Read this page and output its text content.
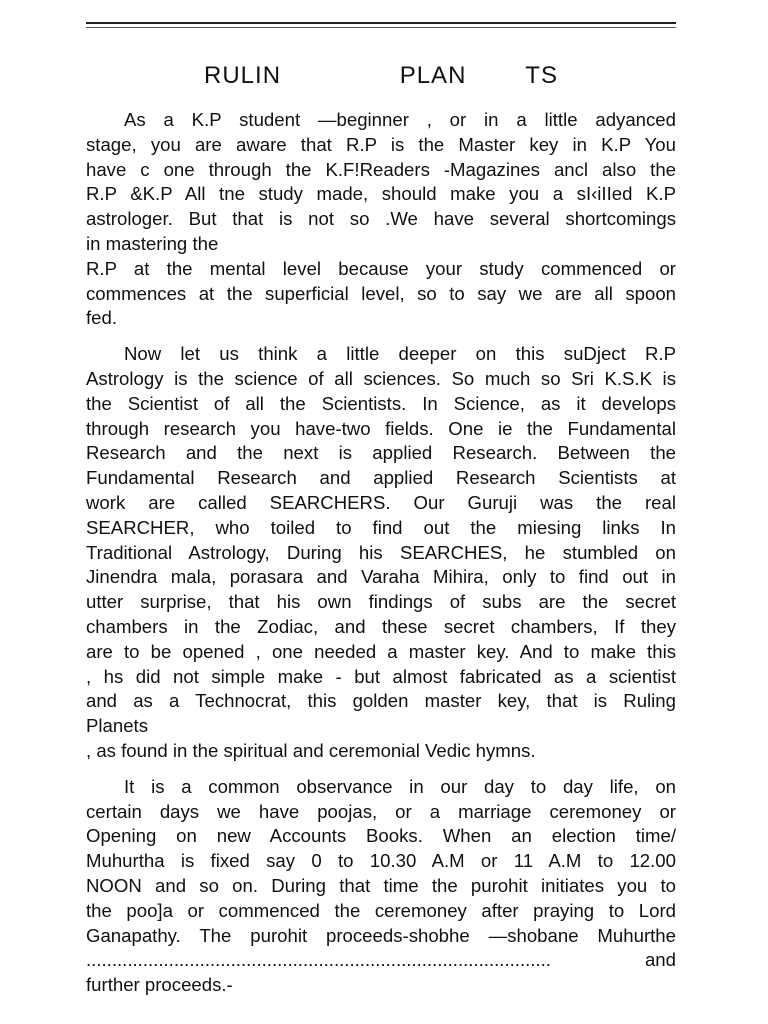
RULIN    PLAN  TS
As a K.P student —beginner , or in a little adyanced
stage, you are aware that R.P is the Master key in K.P You
have c one through the K.F!Readers -Magazines ancl also the
R.P &K.P All tne study made, should make you a sI‹iIIed K.P
astrologer. But that is not so .We have several shortcomings
in mastering the
R.P at the mental level because your study commenced or
commences at the superficial level, so to say we are all spoon
fed.
Now let us think a little deeper on this suDject R.P
Astrology is the science of all sciences. So much so Sri K.S.K is
the Scientist of all the Scientists. In Science, as it develops
through research you have-two fields. One ie the Fundamental
Research and the next is applied Research. Between the
Fundamental Research and applied Research Scientists at
work are called SEARCHERS. Our Guruji was the real
SEARCHER, who toiled to find out the miesing links In
Traditional Astrology, During his SEARCHES, he stumbled on
Jinendra mala, porasara and Varaha Mihira, only to find out in
utter surprise, that his own findings of subs are the secret
chambers in the Zodiac, and these secret chambers, If they
are to be opened , one needed a master key. And to make this
, hs did not simple make - but almost fabricated as a scientist
and as a Technocrat, this golden master key, that is Ruling
Planets
, as found in the spiritual and ceremonial Vedic hymns.
It is a common observance in our day to day life, on
certain days we have poojas, or a marriage ceremoney or
Opening on new Accounts Books. When an election time/
Muhurtha is fixed say 0 to 10.30 A.M or 11 A.M to 12.00
NOON and so on. During that time the purohit initiates you to
the poo]a or commenced the ceremoney after praying to Lord
Ganapathy. The purohit proceeds-shobhe —shobane Muhurthe
..........................................................................................	and
further proceeds.-
